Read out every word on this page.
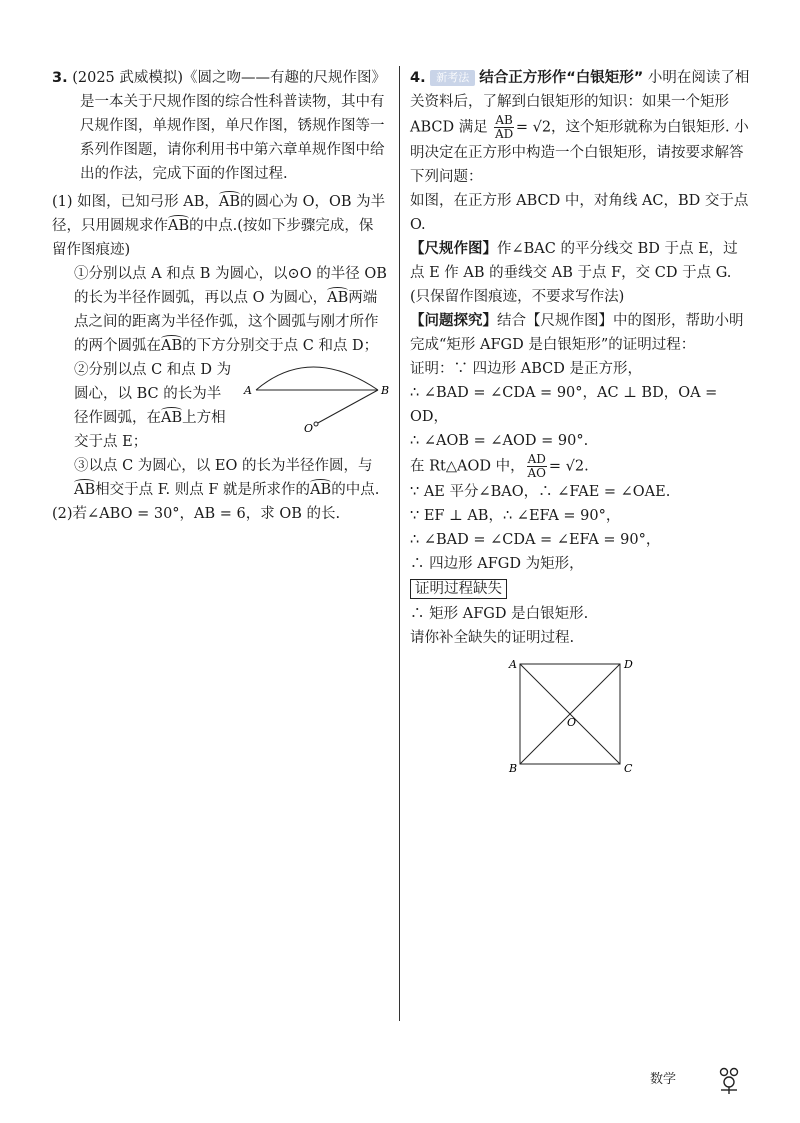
3. (2025 武威模拟)《圆之吻——有趣的尺规作图》是一本关于尺规作图的综合性科普读物，其中有尺规作图，单规作图，单尺作图，锈规作图等一系列作图题，请你利用书中第六章单规作图中给出的作法，完成下面的作图过程.

(1) 如图，已知弓形 AB，AB的圆心为 O，OB 为半径，只用圆规求作AB的中点.(按如下步骤完成，保留作图痕迹)

①分别以点 A 和点 B 为圆心，以⊙O 的半径 OB 的长为半径作圆弧，再以点 O 为圆心，AB两端点之间的距离为半径作弧，这个圆弧与刚才所作的两个圆弧在AB的下方分别交于点 C 和点 D；

②分别以点 C 和点 D 为圆心，以 BC 的长为半径作圆弧，在AB上方相交于点 E；

A	B
O

③以点 C 为圆心，以 EO 的长为半径作圆，与AB相交于点 F. 则点 F 就是所求作的AB的中点.

(2)若∠ABO = 30°，AB = 6，求 OB 的长.

4. 新考法 结合正方形作“白银矩形” 小明在阅读了相关资料后，了解到白银矩形的知识：如果一个矩形 ABCD 满足 $\frac{AB}{AD} = √2$，这个矩形就称为白银矩形. 小明决定在正方形中构造一个白银矩形，请按要求解答下列问题：

如图，在正方形 ABCD 中，对角线 AC，BD 交于点 O.

【尺规作图】作∠BAC 的平分线交 BD 于点 E，过点 E 作 AB 的垂线交 AB 于点 F，交 CD 于点 G.(只保留作图痕迹，不要求写作法)

【问题探究】结合【尺规作图】中的图形，帮助小明完成“矩形 AFGD 是白银矩形”的证明过程：

证明：∵ 四边形 ABCD 是正方形，

∴ ∠BAD = ∠CDA = 90°，AC ⊥ BD，OA = OD，

∴ ∠AOB = ∠AOD = 90°.

在 Rt△AOD 中， $\frac{AD}{AO} = √2$.

∵ AE 平分∠BAO，∴ ∠FAE = ∠OAE.

∵ EF ⊥ AB，∴ ∠EFA = 90°，

∴ ∠BAD = ∠CDA = ∠EFA = 90°，

∴ 四边形 AFGD 为矩形，

证明过程缺失

∴ 矩形 AFGD 是白银矩形.

请你补全缺失的证明过程.

A	D
B	C
O
数学
